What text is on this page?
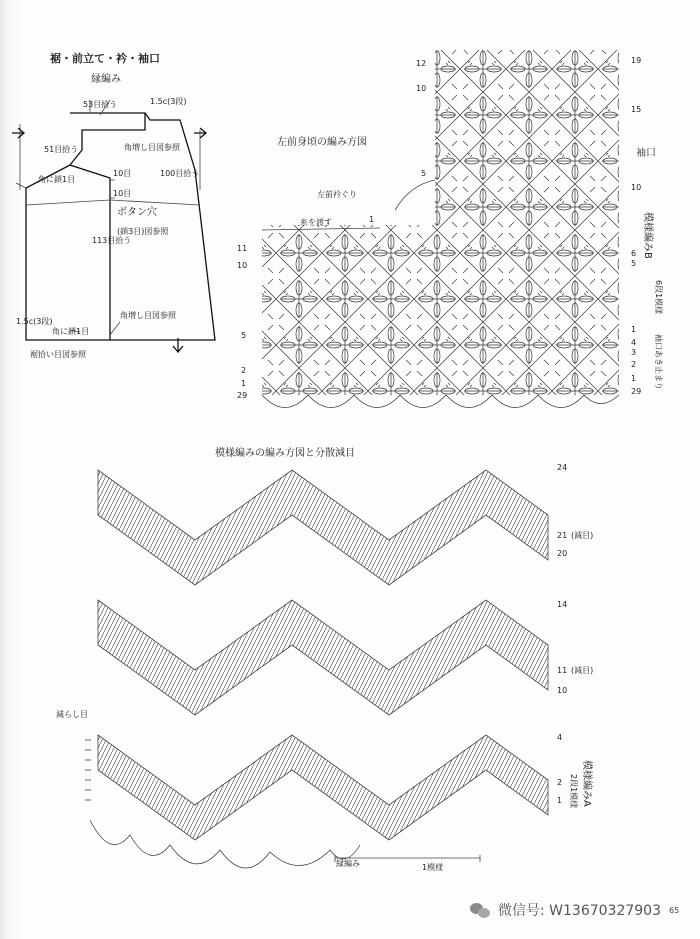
裾・前立て・衿・袖口
縁編み
53目拾う	1.5c(3段)
51目拾う	角増し目図参照
角に鎖1目
10目
10目
100目拾う
ボタン穴
(鎖3目)図参照
113目拾う
1.5c(3段)
角に鎖1目
角増し目図参照
裾拾い目図参照
左前身頃の編み方図
左前衿ぐり
糸を渡す
袖口
模様編みB
6段1模様
袖口あき止まり
12
10
5
1
11
10
5
2
1
29
19
15
10
6
5
1
4
3
2
1
29
模様編みの編み方図と分散減目
減らし目
模様編みA
2段1模様
縁編み	1模様
24
21 (減目)
20
14
11 (減目)
10
4
2
1
微信号: W13670327903 65
